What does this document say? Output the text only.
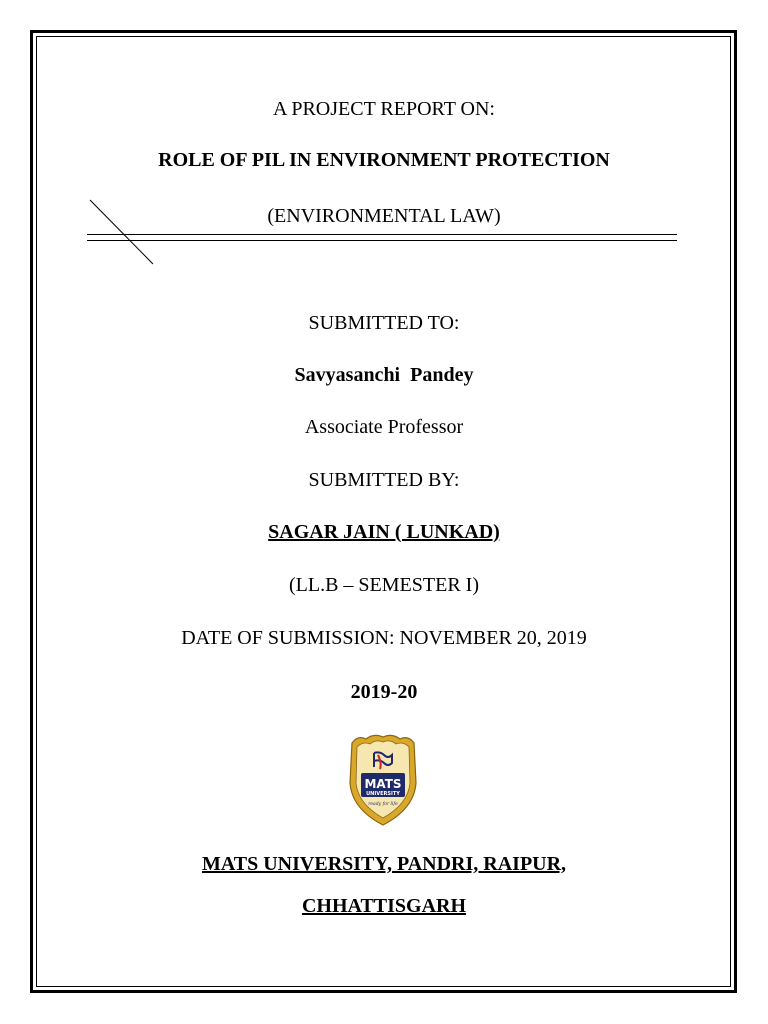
A PROJECT REPORT ON:
ROLE OF PIL IN ENVIRONMENT PROTECTION
(ENVIRONMENTAL LAW)
SUBMITTED TO:
Savyasanchi  Pandey
Associate Professor
SUBMITTED BY:
SAGAR JAIN ( LUNKAD)
(LL.B – SEMESTER I)
DATE OF SUBMISSION: NOVEMBER 20, 2019
2019-20
MATS
UNIVERSITY
ready for life
MATS UNIVERSITY, PANDRI, RAIPUR,
CHHATTISGARH
